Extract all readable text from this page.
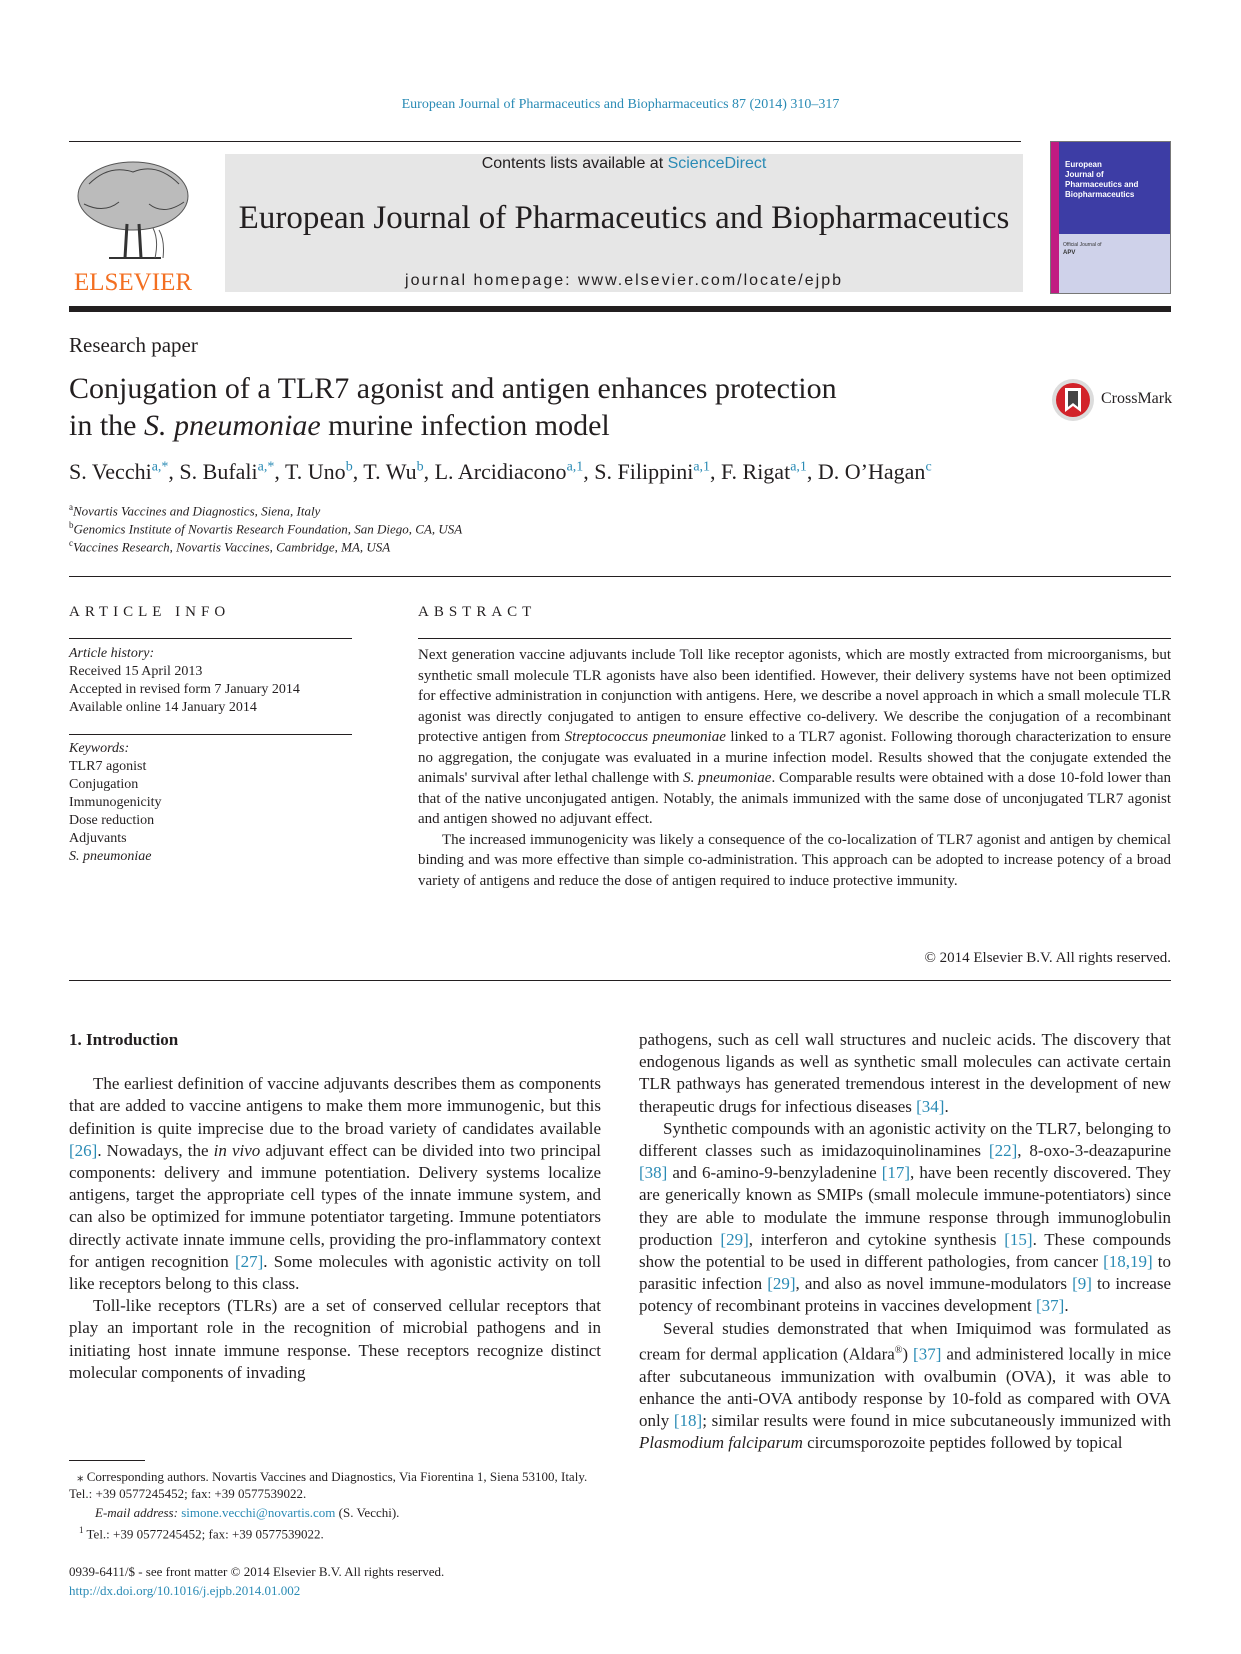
European Journal of Pharmaceutics and Biopharmaceutics 87 (2014) 310–317
ELSEVIER
Contents lists available at ScienceDirect
European Journal of Pharmaceutics and Biopharmaceutics
journal homepage: www.elsevier.com/locate/ejpb
European
Journal of
Pharmaceutics and
Biopharmaceutics
Official Journal of
APV
Research paper
Conjugation of a TLR7 agonist and antigen enhances protection
in the S. pneumoniae murine infection model
CrossMark
S. Vecchi$^{a,*}$, S. Bufali$^{a,*}$, T. Uno$^b$, T. Wu$^b$, L. Arcidiacono$^{a,1}$, S. Filippini$^{a,1}$, F. Rigat$^{a,1}$, D. O’Hagan$^c$
$^a$Novartis Vaccines and Diagnostics, Siena, Italy
$^b$Genomics Institute of Novartis Research Foundation, San Diego, CA, USA
$^c$Vaccines Research, Novartis Vaccines, Cambridge, MA, USA
ARTICLE INFO
Article history:
Received 15 April 2013
Accepted in revised form 7 January 2014
Available online 14 January 2014
Keywords:
TLR7 agonist
Conjugation
Immunogenicity
Dose reduction
Adjuvants
S. pneumoniae
ABSTRACT

Next generation vaccine adjuvants include Toll like receptor agonists, which are mostly extracted from microorganisms, but synthetic small molecule TLR agonists have also been identified. However, their delivery systems have not been optimized for effective administration in conjunction with antigens. Here, we describe a novel approach in which a small molecule TLR agonist was directly conjugated to antigen to ensure effective co-delivery. We describe the conjugation of a recombinant protective antigen from Streptococcus pneumoniae linked to a TLR7 agonist. Following thorough characterization to ensure no aggregation, the conjugate was evaluated in a murine infection model. Results showed that the conjugate extended the animals' survival after lethal challenge with S. pneumoniae. Comparable results were obtained with a dose 10-fold lower than that of the native unconjugated antigen. Notably, the animals immunized with the same dose of unconjugated TLR7 agonist and antigen showed no adjuvant effect.

The increased immunogenicity was likely a consequence of the co-localization of TLR7 agonist and antigen by chemical binding and was more effective than simple co-administration. This approach can be adopted to increase potency of a broad variety of antigens and reduce the dose of antigen required to induce protective immunity.

© 2014 Elsevier B.V. All rights reserved.
1. Introduction

The earliest definition of vaccine adjuvants describes them as components that are added to vaccine antigens to make them more immunogenic, but this definition is quite imprecise due to the broad variety of candidates available [26]. Nowadays, the in vivo adjuvant effect can be divided into two principal components: delivery and immune potentiation. Delivery systems localize antigens, target the appropriate cell types of the innate immune system, and can also be optimized for immune potentiator targeting. Immune potentiators directly activate innate immune cells, providing the pro-inflammatory context for antigen recognition [27]. Some molecules with agonistic activity on toll like receptors belong to this class.

Toll-like receptors (TLRs) are a set of conserved cellular receptors that play an important role in the recognition of microbial pathogens and in initiating host innate immune response. These receptors recognize distinct molecular components of invading

pathogens, such as cell wall structures and nucleic acids. The discovery that endogenous ligands as well as synthetic small molecules can activate certain TLR pathways has generated tremendous interest in the development of new therapeutic drugs for infectious diseases [34].

Synthetic compounds with an agonistic activity on the TLR7, belonging to different classes such as imidazoquinolinamines [22], 8-oxo-3-deazapurine [38] and 6-amino-9-benzyladenine [17], have been recently discovered. They are generically known as SMIPs (small molecule immune-potentiators) since they are able to modulate the immune response through immunoglobulin production [29], interferon and cytokine synthesis [15]. These compounds show the potential to be used in different pathologies, from cancer [18,19] to parasitic infection [29], and also as novel immune-modulators [9] to increase potency of recombinant proteins in vaccines development [37].

Several studies demonstrated that when Imiquimod was formulated as cream for dermal application (Aldara®) [37] and administered locally in mice after subcutaneous immunization with ovalbumin (OVA), it was able to enhance the anti-OVA antibody response by 10-fold as compared with OVA only [18]; similar results were found in mice subcutaneously immunized with Plasmodium falciparum circumsporozoite peptides followed by topical

⁎ Corresponding authors. Novartis Vaccines and Diagnostics, Via Fiorentina 1, Siena 53100, Italy. Tel.: +39 0577245452; fax: +39 0577539022.
E-mail address: simone.vecchi@novartis.com (S. Vecchi).
$^1$ Tel.: +39 0577245452; fax: +39 0577539022.
0939-6411/$ - see front matter © 2014 Elsevier B.V. All rights reserved.
http://dx.doi.org/10.1016/j.ejpb.2014.01.002
